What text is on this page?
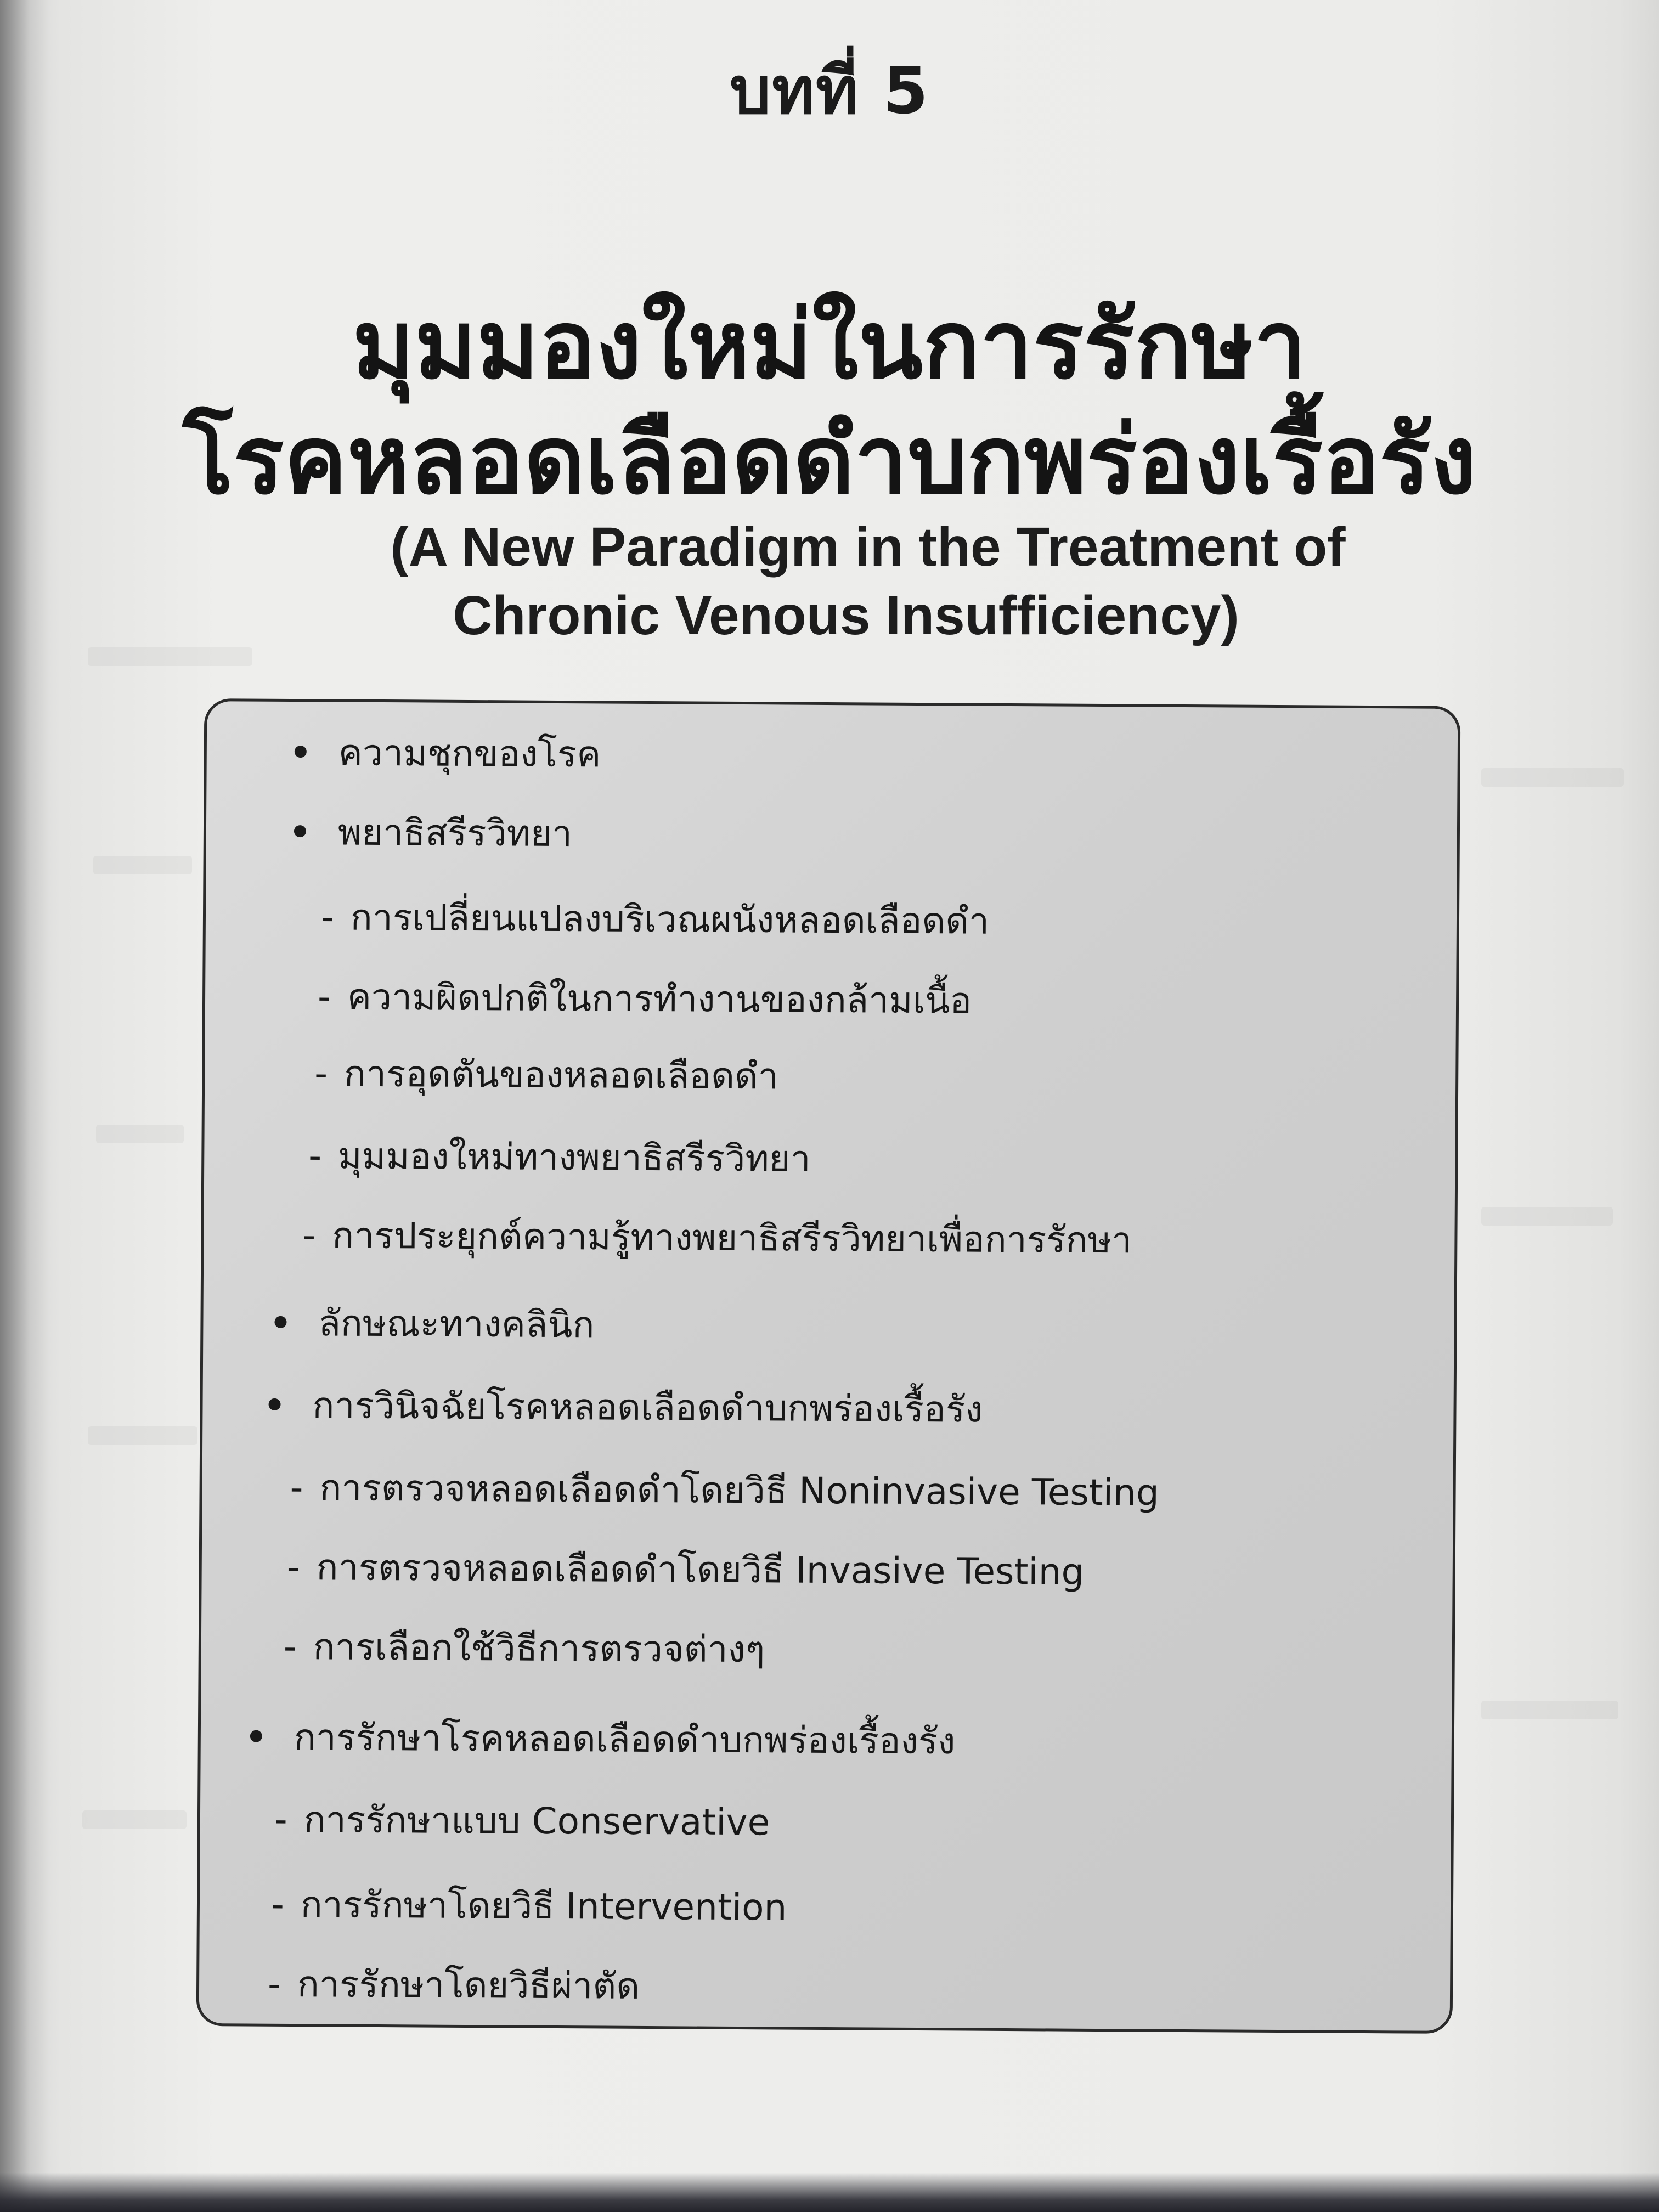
บทที่ 5
มุมมองใหม่ในการรักษา
โรคหลอดเลือดดำบกพร่องเรื้อรัง
(A New Paradigm in the Treatment of
Chronic Venous Insufficiency)
ความชุกของโรค
พยาธิสรีรวิทยา
- การเปลี่ยนแปลงบริเวณผนังหลอดเลือดดำ
- ความผิดปกติในการทำงานของกล้ามเนื้อ
- การอุดตันของหลอดเลือดดำ
- มุมมองใหม่ทางพยาธิสรีรวิทยา
- การประยุกต์ความรู้ทางพยาธิสรีรวิทยาเพื่อการรักษา
ลักษณะทางคลินิก
การวินิจฉัยโรคหลอดเลือดดำบกพร่องเรื้อรัง
- การตรวจหลอดเลือดดำโดยวิธี Noninvasive Testing
- การตรวจหลอดเลือดดำโดยวิธี Invasive Testing
- การเลือกใช้วิธีการตรวจต่างๆ
การรักษาโรคหลอดเลือดดำบกพร่องเรื้องรัง
- การรักษาแบบ Conservative
- การรักษาโดยวิธี Intervention
- การรักษาโดยวิธีผ่าตัด
